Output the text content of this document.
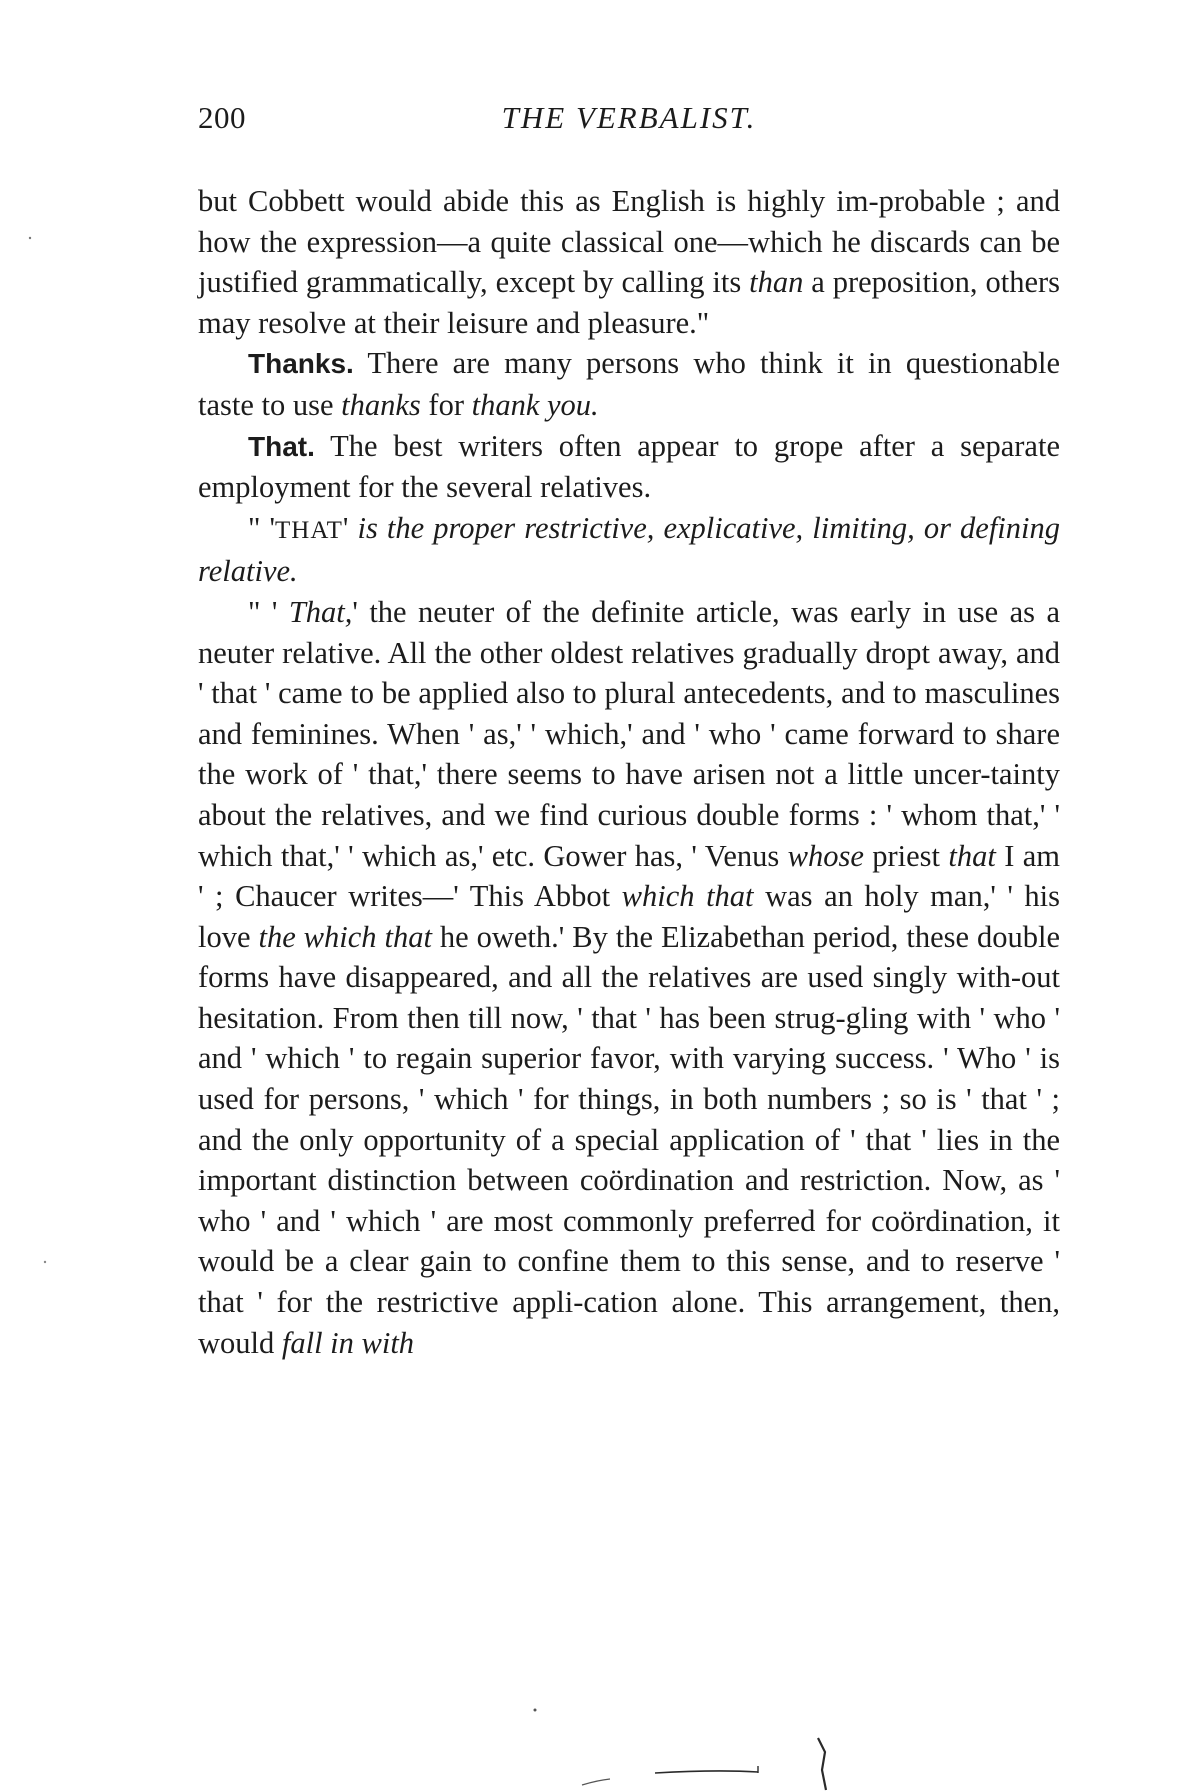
200	THE VERBALIST.

but Cobbett would abide this as English is highly im-probable ; and how the expression—a quite classical one—which he discards can be justified grammatically, except by calling its than a preposition, others may resolve at their leisure and pleasure."

Thanks. There are many persons who think it in questionable taste to use thanks for thank you.

That. The best writers often appear to grope after a separate employment for the several relatives.

" 'THAT' is the proper restrictive, explicative, limiting, or defining relative.

" ' That,' the neuter of the definite article, was early in use as a neuter relative. All the other oldest relatives gradually dropt away, and ' that ' came to be applied also to plural antecedents, and to masculines and feminines. When ' as,' ' which,' and ' who ' came forward to share the work of ' that,' there seems to have arisen not a little uncer-tainty about the relatives, and we find curious double forms : ' whom that,' ' which that,' ' which as,' etc. Gower has, ' Venus whose priest that I am ' ; Chaucer writes—' This Abbot which that was an holy man,' ' his love the which that he oweth.' By the Elizabethan period, these double forms have disappeared, and all the relatives are used singly with-out hesitation. From then till now, ' that ' has been strug-gling with ' who ' and ' which ' to regain superior favor, with varying success. ' Who ' is used for persons, ' which ' for things, in both numbers ; so is ' that ' ; and the only opportunity of a special application of ' that ' lies in the important distinction between coördination and restriction. Now, as ' who ' and ' which ' are most commonly preferred for coördination, it would be a clear gain to confine them to this sense, and to reserve ' that ' for the restrictive appli-cation alone. This arrangement, then, would fall in with
